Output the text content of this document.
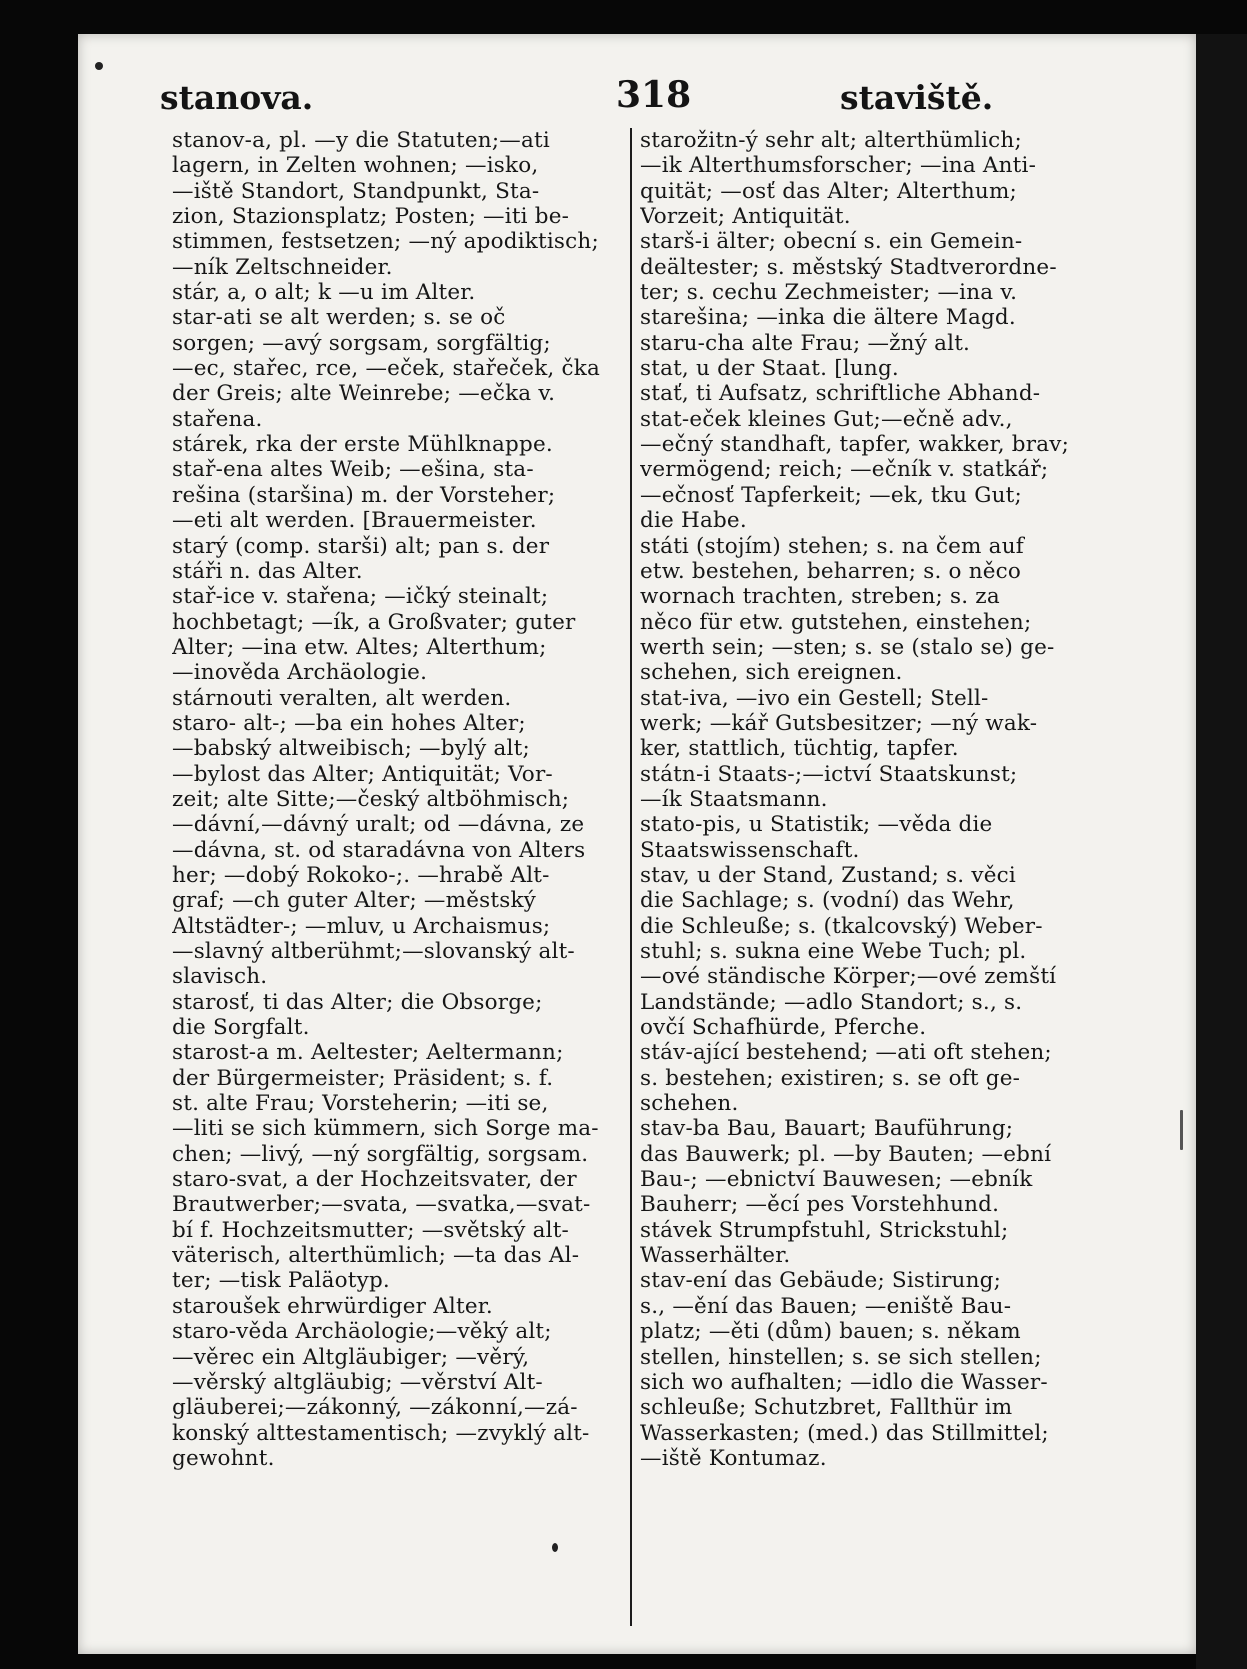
stanova.	318	staviště.
stanov-a, pl. —y die Statuten;—ati
lagern, in Zelten wohnen; —isko,
—iště Standort, Standpunkt, Sta-
zion, Stazionsplatz; Posten; —iti be-
stimmen, festsetzen; —ný apodiktisch;
—ník Zeltschneider.
stár, a, o alt; k —u im Alter.
star-ati se alt werden; s. se oč
sorgen; —avý sorgsam, sorgfältig;
—ec, stařec, rce, —eček, stařeček, čka
der Greis; alte Weinrebe; —ečka v.
stařena.
stárek, rka der erste Mühlknappe.
stař-ena altes Weib; —ešina, sta-
rešina (staršina) m. der Vorsteher;
—eti alt werden. [Brauermeister.
starý (comp. starši) alt; pan s. der
stáři n. das Alter.
stař-ice v. stařena; —ičký steinalt;
hochbetagt; —ík, a Großvater; guter
Alter; —ina etw. Altes; Alterthum;
—inověda Archäologie.
stárnouti veralten, alt werden.
staro- alt-; —ba ein hohes Alter;
—babský altweibisch; —bylý alt;
—bylost das Alter; Antiquität; Vor-
zeit; alte Sitte;—český altböhmisch;
—dávní,—dávný uralt; od —dávna, ze
—dávna, st. od staradávna von Alters
her; —dobý Rokoko-;. —hrabě Alt-
graf; —ch guter Alter; —městský
Altstädter-; —mluv, u Archaismus;
—slavný altberühmt;—slovanský alt-
slavisch.
starosť, ti das Alter; die Obsorge;
die Sorgfalt.
starost-a m. Aeltester; Aeltermann;
der Bürgermeister; Präsident; s. f.
st. alte Frau; Vorsteherin; —iti se,
—liti se sich kümmern, sich Sorge ma-
chen; —livý, —ný sorgfältig, sorgsam.
staro-svat, a der Hochzeitsvater, der
Brautwerber;—svata, —svatka,—svat-
bí f. Hochzeitsmutter; —světský alt-
väterisch, alterthümlich; —ta das Al-
ter; —tisk Paläotyp.
staroušek ehrwürdiger Alter.
staro-věda Archäologie;—věký alt;
—věrec ein Altgläubiger; —věrý,
—věrský altgläubig; —věrství Alt-
gläuberei;—zákonný, —zákonní,—zá-
konský alttestamentisch; —zvyklý alt-
gewohnt.
starožitn-ý sehr alt; alterthümlich;
—ik Alterthumsforscher; —ina Anti-
quität; —osť das Alter; Alterthum;
Vorzeit; Antiquität.
starš-i älter; obecní s. ein Gemein-
deältester; s. městský Stadtverordne-
ter; s. cechu Zechmeister; —ina v.
starešina; —inka die ältere Magd.
staru-cha alte Frau; —žný alt.
stat, u der Staat. [lung.
stať, ti Aufsatz, schriftliche Abhand-
stat-eček kleines Gut;—ečně adv.,
—ečný standhaft, tapfer, wakker, brav;
vermögend; reich; —ečník v. statkář;
—ečnosť Tapferkeit; —ek, tku Gut;
die Habe.
státi (stojím) stehen; s. na čem auf
etw. bestehen, beharren; s. o něco
wornach trachten, streben; s. za
něco für etw. gutstehen, einstehen;
werth sein; —sten; s. se (stalo se) ge-
schehen, sich ereignen.
stat-iva, —ivo ein Gestell; Stell-
werk; —kář Gutsbesitzer; —ný wak-
ker, stattlich, tüchtig, tapfer.
státn-i Staats-;—ictví Staatskunst;
—ík Staatsmann.
stato-pis, u Statistik; —věda die
Staatswissenschaft.
stav, u der Stand, Zustand; s. věci
die Sachlage; s. (vodní) das Wehr,
die Schleuße; s. (tkalcovský) Weber-
stuhl; s. sukna eine Webe Tuch; pl.
—ové ständische Körper;—ové zemští
Landstände; —adlo Standort; s., s.
ovčí Schafhürde, Pferche.
stáv-ající bestehend; —ati oft stehen;
s. bestehen; existiren; s. se oft ge-
schehen.
stav-ba Bau, Bauart; Bauführung;
das Bauwerk; pl. —by Bauten; —ební
Bau-; —ebnictví Bauwesen; —ebník
Bauherr; —ěcí pes Vorstehhund.
stávek Strumpfstuhl, Strickstuhl;
Wasserhälter.
stav-ení das Gebäude; Sistirung;
s., —ění das Bauen; —eniště Bau-
platz; —ěti (dům) bauen; s. někam
stellen, hinstellen; s. se sich stellen;
sich wo aufhalten; —idlo die Wasser-
schleuße; Schutzbret, Fallthür im
Wasserkasten; (med.) das Stillmittel;
—iště Kontumaz.
